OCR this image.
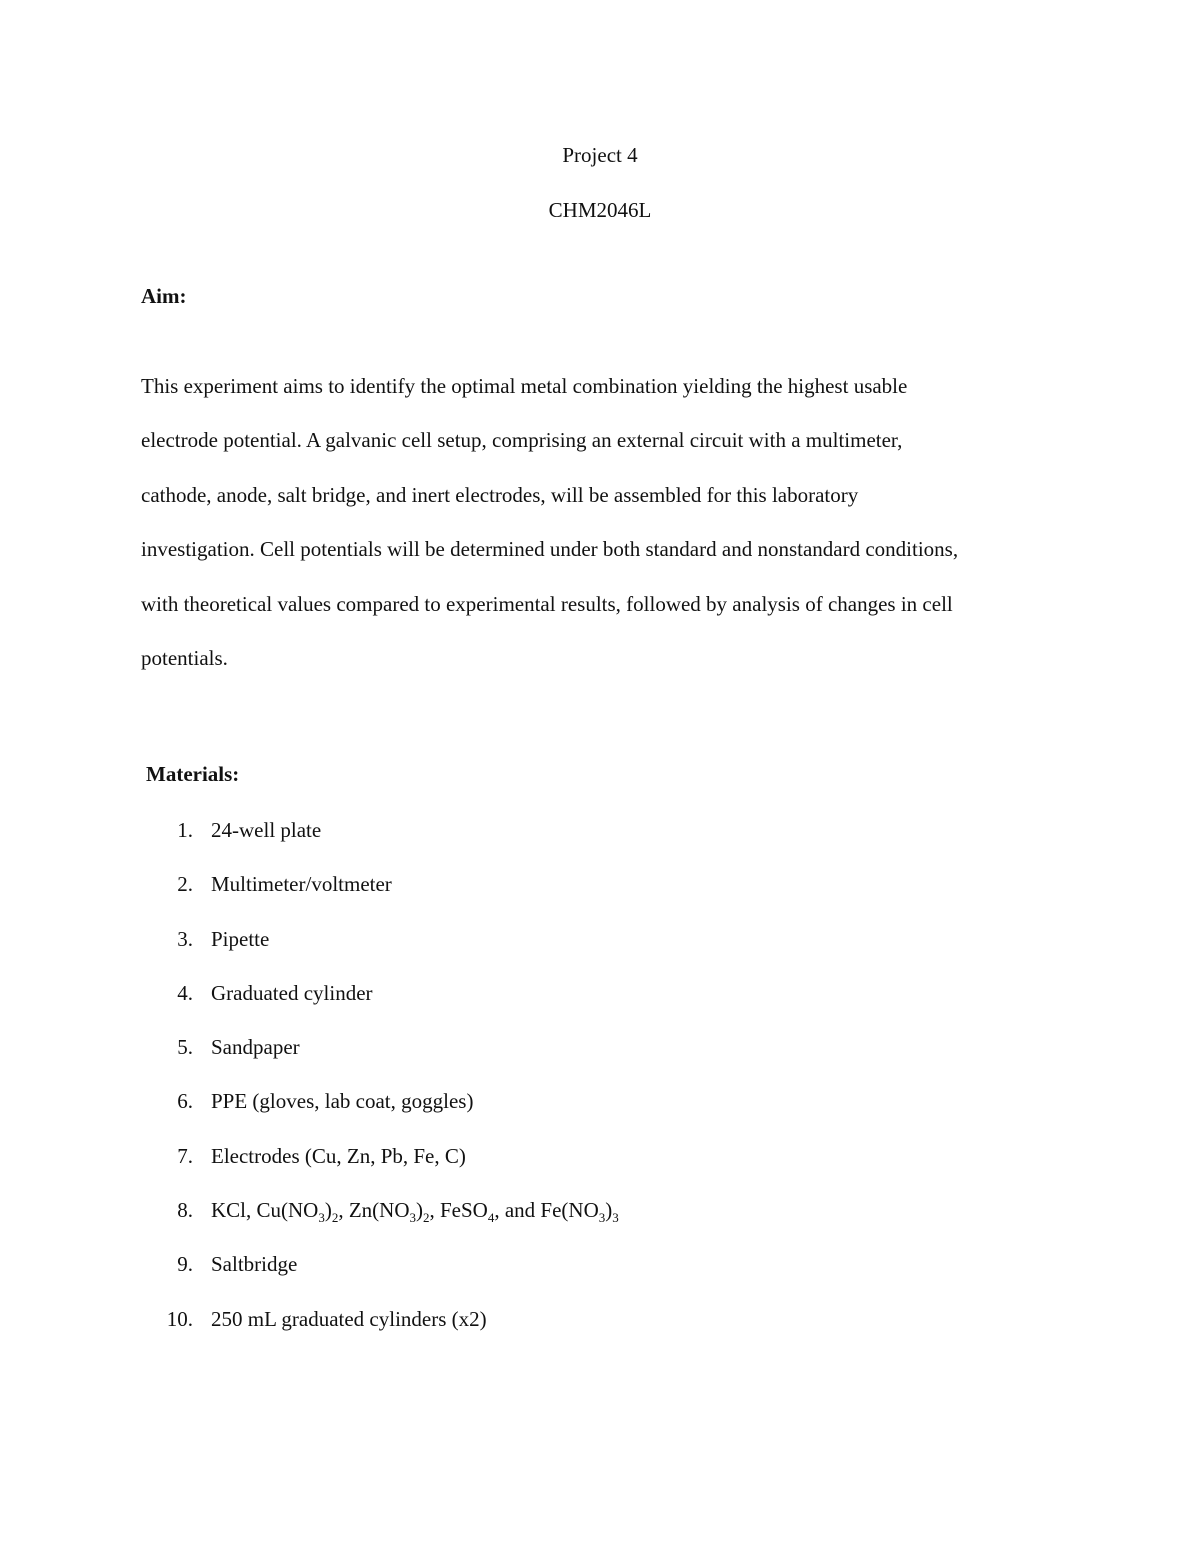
Project 4
CHM2046L
Aim:

This experiment aims to identify the optimal metal combination yielding the highest usable
electrode potential. A galvanic cell setup, comprising an external circuit with a multimeter,
cathode, anode, salt bridge, and inert electrodes, will be assembled for this laboratory
investigation. Cell potentials will be determined under both standard and nonstandard conditions,
with theoretical values compared to experimental results, followed by analysis of changes in cell
potentials.

Materials:
1. 24-well plate
2. Multimeter/voltmeter
3. Pipette
4. Graduated cylinder
5. Sandpaper
6. PPE (gloves, lab coat, goggles)
7. Electrodes (Cu, Zn, Pb, Fe, C)
8. KCl, $Cu(NO_3)_2$, $Zn(NO_3)_2$, FeSO$_4$, and $Fe(NO_3)_3$
9. Saltbridge
10. 250 mL graduated cylinders (x2)
